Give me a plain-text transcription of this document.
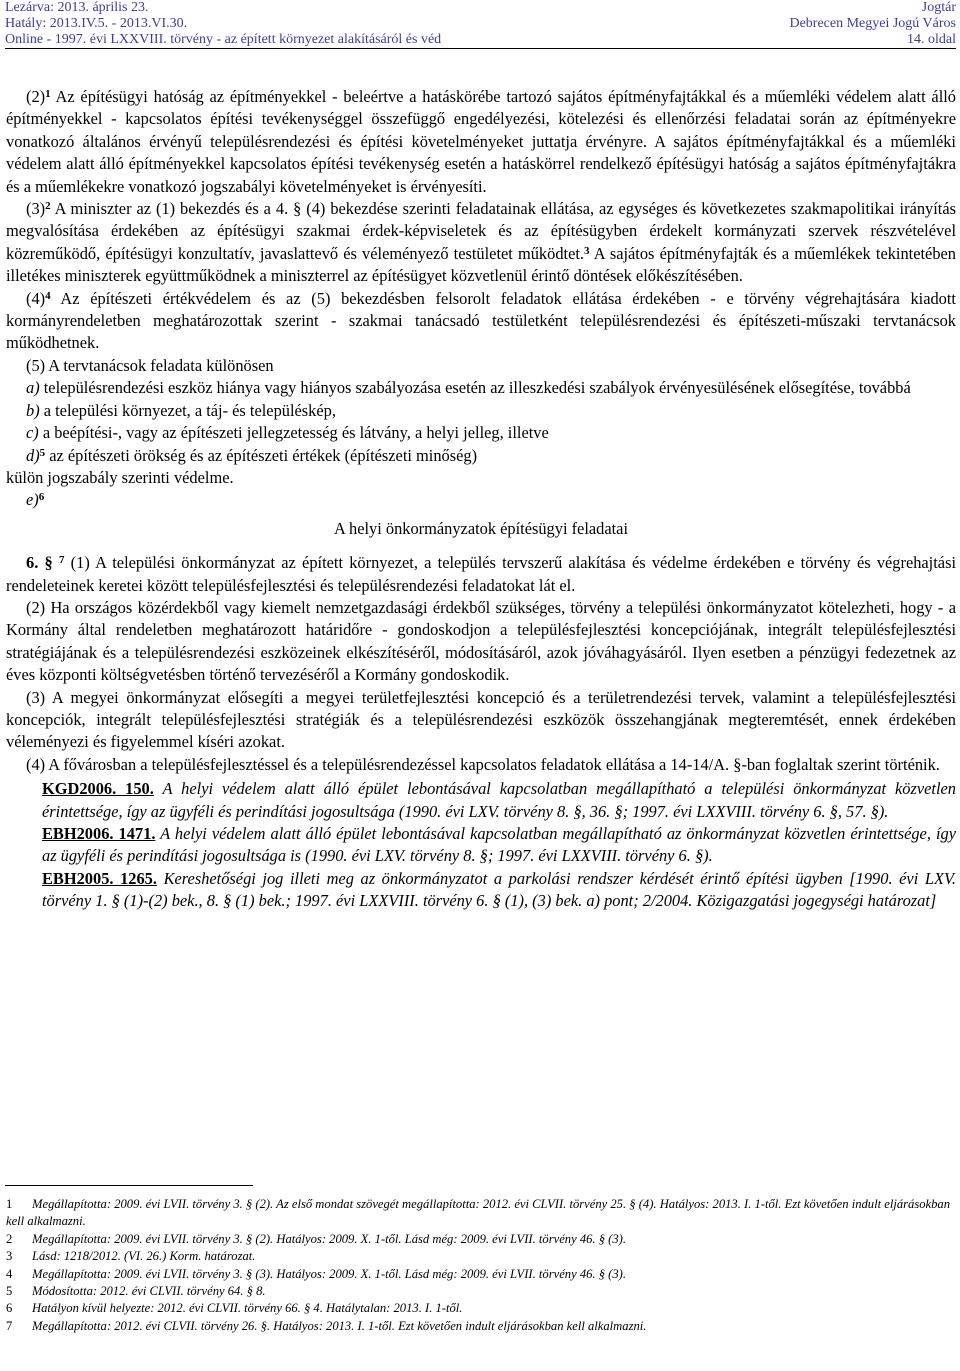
Lezárva: 2013. április 23.
Hatály: 2013.IV.5. - 2013.VI.30.
Online - 1997. évi LXXVIII. törvény - az épített környezet alakításáról és véd
Jogtár
Debrecen Megyei Jogú Város
14. oldal

$(2)^1$ Az építésügyi hatóság az építményekkel - beleértve a hatáskörébe tartozó sajátos építményfajtákkal és a műemléki védelem alatt álló építményekkel - kapcsolatos építési tevékenységgel összefüggő engedélyezési, kötelezési és ellenőrzési feladatai során az építményekre vonatkozó általános érvényű településrendezési és építési követelményeket juttatja érvényre. A sajátos építményfajtákkal és a műemléki védelem alatt álló építményekkel kapcsolatos építési tevékenység esetén a hatáskörrel rendelkező építésügyi hatóság a sajátos építményfajtákra és a műemlékekre vonatkozó jogszabályi követelményeket is érvényesíti.

$(3)^2$ A miniszter az (1) bekezdés és a 4. § (4) bekezdése szerinti feladatainak ellátása, az egységes és következetes szakmapolitikai irányítás megvalósítása érdekében az építésügyi szakmai érdek-képviseletek és az építésügyben érdekelt kormányzati szervek részvételével közreműködő, építésügyi konzultatív, javaslattevő és véleményező testületet működtet.$^3$ A sajátos építményfajták és a műemlékek tekintetében illetékes miniszterek együttműködnek a miniszterrel az építésügyet közvetlenül érintő döntések előkészítésében.

$(4)^4$ Az építészeti értékvédelem és az (5) bekezdésben felsorolt feladatok ellátása érdekében - e törvény végrehajtására kiadott kormányrendeletben meghatározottak szerint - szakmai tanácsadó testületként településrendezési és építészeti-műszaki tervtanácsok működhetnek.

(5) A tervtanácsok feladata különösen

a) településrendezési eszköz hiánya vagy hiányos szabályozása esetén az illeszkedési szabályok érvényesülésének elősegítése, továbbá

b) a települési környezet, a táj- és településkép,

c) a beépítési-, vagy az építészeti jellegzetesség és látvány, a helyi jelleg, illetve

d)$^5$ az építészeti örökség és az építészeti értékek (építészeti minőség)

külön jogszabály szerinti védelme.

e)$^6$

A helyi önkormányzatok építésügyi feladatai

6. § $^7$ (1) A települési önkormányzat az épített környezet, a település tervszerű alakítása és védelme érdekében e törvény és végrehajtási rendeleteinek keretei között településfejlesztési és településrendezési feladatokat lát el.

(2) Ha országos közérdekből vagy kiemelt nemzetgazdasági érdekből szükséges, törvény a települési önkormányzatot kötelezheti, hogy - a Kormány által rendeletben meghatározott határidőre - gondoskodjon a településfejlesztési koncepciójának, integrált településfejlesztési stratégiájának és a településrendezési eszközeinek elkészítéséről, módosításáról, azok jóváhagyásáról. Ilyen esetben a pénzügyi fedezetnek az éves központi költségvetésben történő tervezéséről a Kormány gondoskodik.

(3) A megyei önkormányzat elősegíti a megyei területfejlesztési koncepció és a területrendezési tervek, valamint a településfejlesztési koncepciók, integrált településfejlesztési stratégiák és a településrendezési eszközök összehangjának megteremtését, ennek érdekében véleményezi és figyelemmel kíséri azokat.

(4) A fővárosban a településfejlesztéssel és a településrendezéssel kapcsolatos feladatok ellátása a 14-14/A. §-ban foglaltak szerint történik.

KGD2006. 150. A helyi védelem alatt álló épület lebontásával kapcsolatban megállapítható a települési önkormányzat közvetlen érintettsége, így az ügyféli és perindítási jogosultsága (1990. évi LXV. törvény 8. §, 36. §; 1997. évi LXXVIII. törvény 6. §, 57. §).

EBH2006. 1471. A helyi védelem alatt álló épület lebontásával kapcsolatban megállapítható az önkormányzat közvetlen érintettsége, így az ügyféli és perindítási jogosultsága is (1990. évi LXV. törvény 8. §; 1997. évi LXXVIII. törvény 6. §).

EBH2005. 1265. Kereshetőségi jog illeti meg az önkormányzatot a parkolási rendszer kérdését érintő építési ügyben [1990. évi LXV. törvény 1. § (1)-(2) bek., 8. § (1) bek.; 1997. évi LXXVIII. törvény 6. § (1), (3) bek. a) pont; 2/2004. Közigazgatási jogegységi határozat]

1 Megállapította: 2009. évi LVII. törvény 3. § (2). Az első mondat szövegét megállapította: 2012. évi CLVII. törvény 25. § (4). Hatályos: 2013. I. 1-től. Ezt követően indult eljárásokban kell alkalmazni.

2 Megállapította: 2009. évi LVII. törvény 3. § (2). Hatályos: 2009. X. 1-től. Lásd még: 2009. évi LVII. törvény 46. § (3).

3 Lásd: 1218/2012. (VI. 26.) Korm. határozat.

4 Megállapította: 2009. évi LVII. törvény 3. § (3). Hatályos: 2009. X. 1-től. Lásd még: 2009. évi LVII. törvény 46. § (3).

5 Módosította: 2012. évi CLVII. törvény 64. § 8.

6 Hatályon kívül helyezte: 2012. évi CLVII. törvény 66. § 4. Hatálytalan: 2013. I. 1-től.

7 Megállapította: 2012. évi CLVII. törvény 26. §. Hatályos: 2013. I. 1-től. Ezt követően indult eljárásokban kell alkalmazni.
